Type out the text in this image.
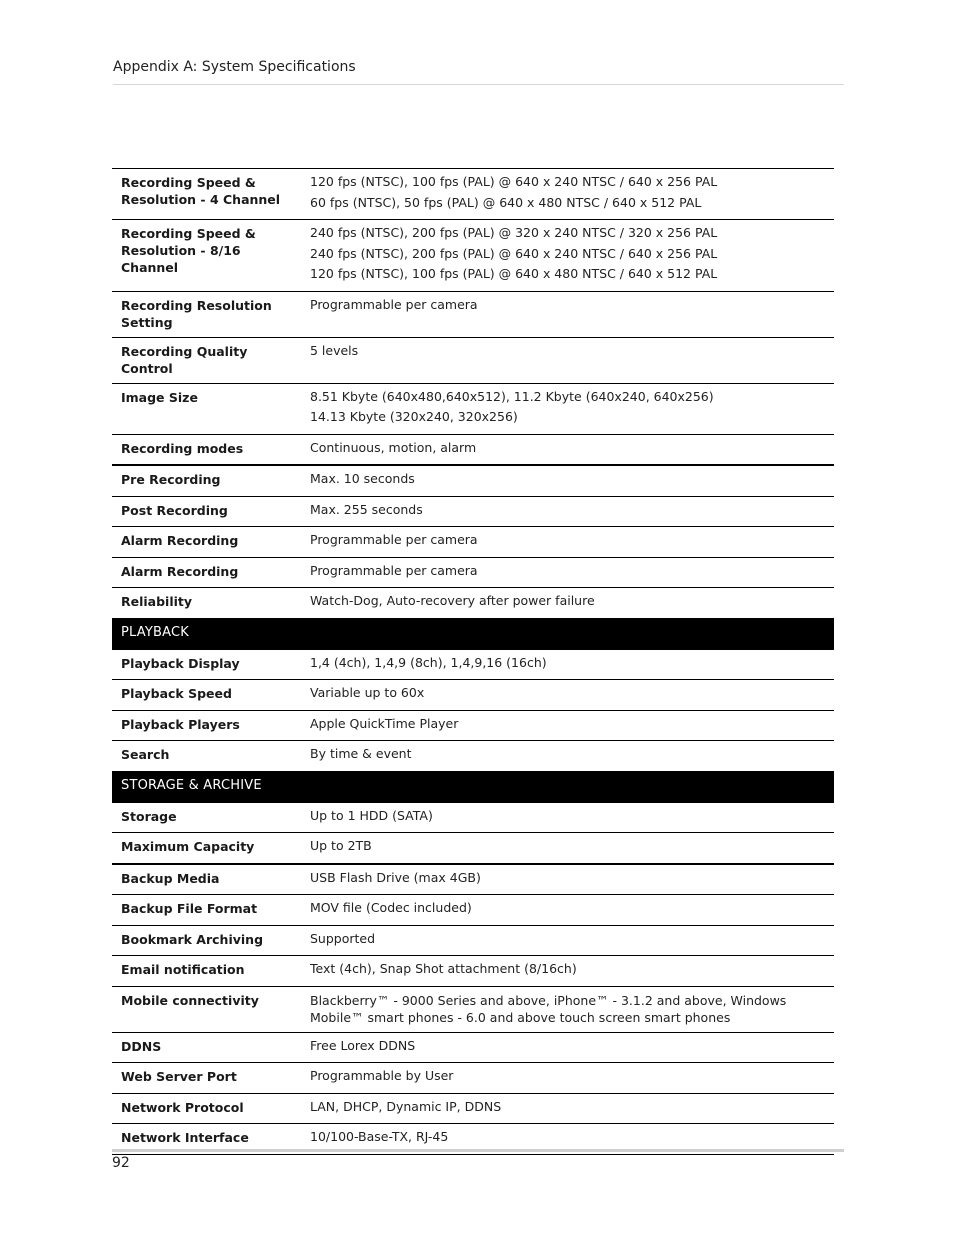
Appendix A: System Specifications
Recording Speed & Resolution - 4 Channel	120 fps (NTSC), 100 fps (PAL) @ 640 x 240 NTSC / 640 x 256 PAL
60 fps (NTSC), 50 fps (PAL) @ 640 x 480 NTSC / 640 x 512 PAL

Recording Speed & Resolution - 8/16 Channel	240 fps (NTSC), 200 fps (PAL) @ 320 x 240 NTSC / 320 x 256 PAL
240 fps (NTSC), 200 fps (PAL) @ 640 x 240 NTSC / 640 x 256 PAL
120 fps (NTSC), 100 fps (PAL) @ 640 x 480 NTSC / 640 x 512 PAL

Recording Resolution Setting	Programmable per camera

Recording Quality Control	5 levels

Image Size	8.51 Kbyte (640x480,640x512), 11.2 Kbyte (640x240, 640x256)
14.13 Kbyte (320x240, 320x256)

Recording modes	Continuous, motion, alarm

Pre Recording	Max. 10 seconds

Post Recording	Max. 255 seconds

Alarm Recording	Programmable per camera

Alarm Recording	Programmable per camera

Reliability	Watch-Dog, Auto-recovery after power failure

PLAYBACK	
Playback Display	1,4 (4ch), 1,4,9 (8ch), 1,4,9,16 (16ch)

Playback Speed	Variable up to 60x

Playback Players	Apple QuickTime Player

Search	By time & event

STORAGE & ARCHIVE	
Storage	Up to 1 HDD (SATA)

Maximum Capacity	Up to 2TB

Backup Media	USB Flash Drive (max 4GB)

Backup File Format	MOV file (Codec included)

Bookmark Archiving	Supported

Email notification	Text (4ch), Snap Shot attachment (8/16ch)

Mobile connectivity	Blackberry™ - 9000 Series and above, iPhone™ - 3.1.2 and above, Windows Mobile™ smart phones - 6.0 and above touch screen smart phones

DDNS	Free Lorex DDNS

Web Server Port	Programmable by User

Network Protocol	LAN, DHCP, Dynamic IP, DDNS

Network Interface	10/100-Base-TX, RJ-45
92
